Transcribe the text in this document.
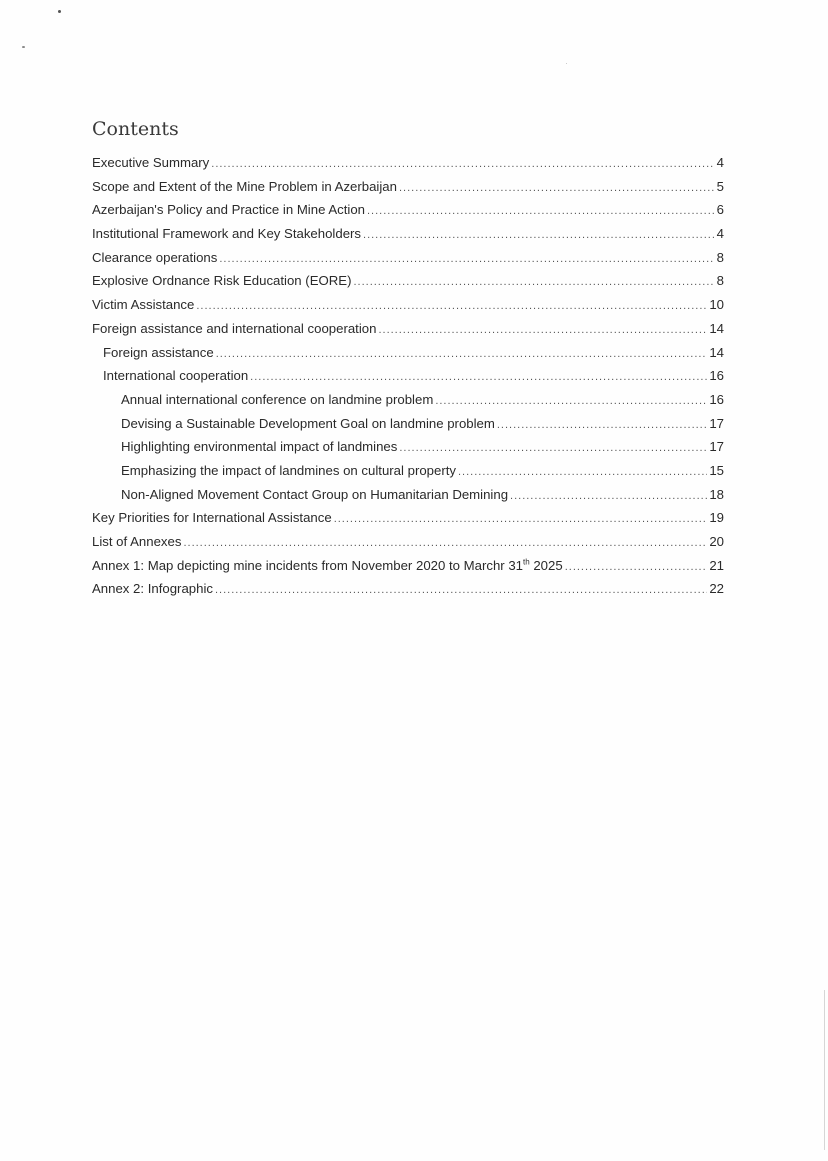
Contents
Executive Summary .....	4
Scope and Extent of the Mine Problem in Azerbaijan .....	5
Azerbaijan's Policy and Practice in Mine Action .....	6
Institutional Framework and Key Stakeholders .....	4
Clearance operations .....	8
Explosive Ordnance Risk Education (EORE) .....	8
Victim Assistance .....	10
Foreign assistance and international cooperation .....	14
Foreign assistance .....	14
International cooperation .....	16
Annual international conference on landmine problem .....	16
Devising a Sustainable Development Goal on landmine problem .....	17
Highlighting environmental impact of landmines .....	17
Emphasizing the impact of landmines on cultural property .....	15
Non-Aligned Movement Contact Group on Humanitarian Demining .....	18
Key Priorities for International Assistance .....	19
List of Annexes .....	20
Annex 1: Map depicting mine incidents from November 2020 to Marchr 31th 2025 .....	21
Annex 2: Infographic .....	22
